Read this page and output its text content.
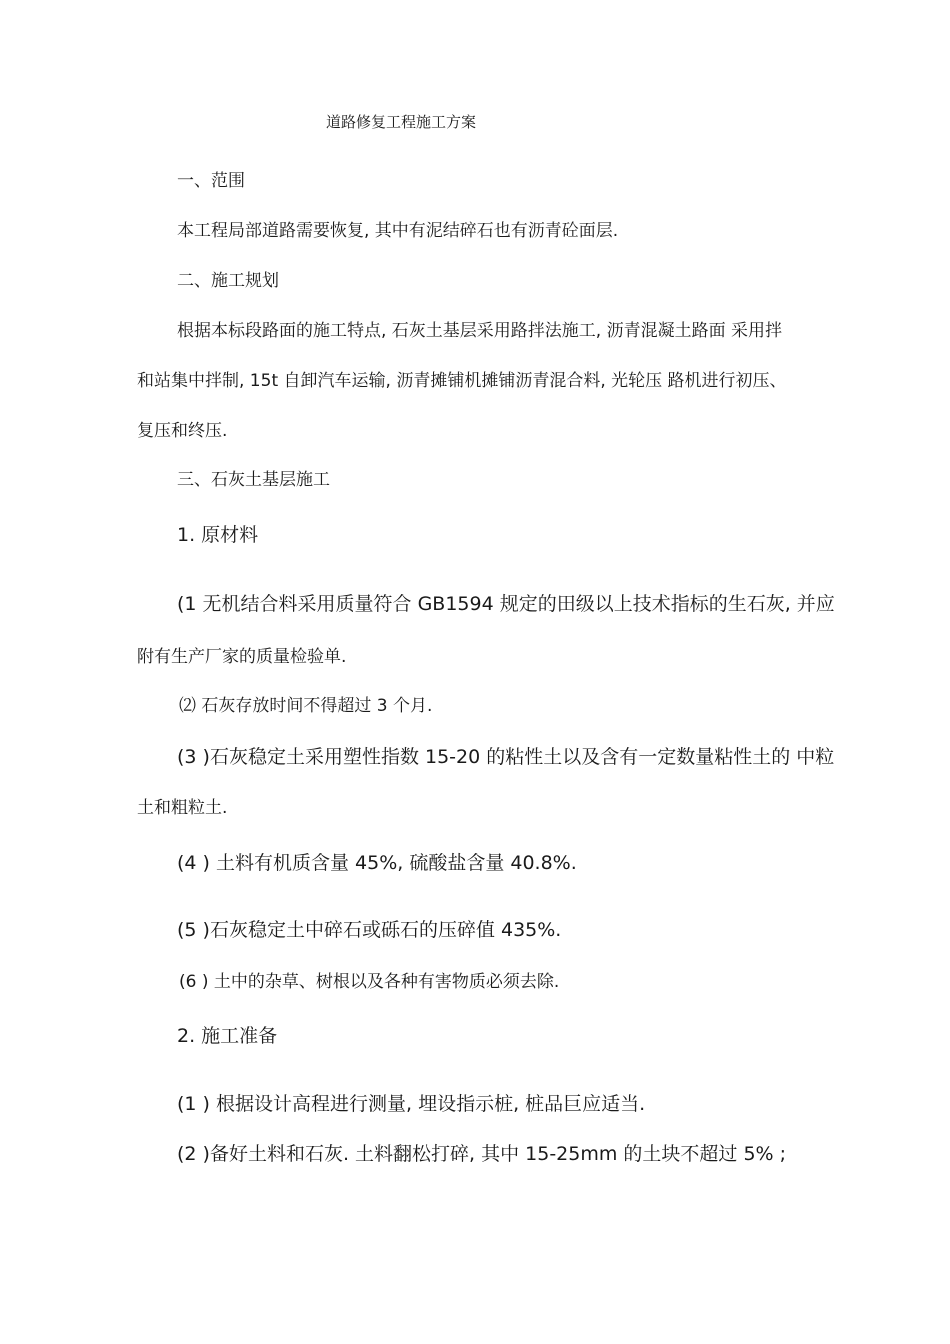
道路修复工程施工方案
一、范围
本工程局部道路需要恢复, 其中有泥结碎石也有沥青砼面层.
二、施工规划
根据本标段路面的施工特点, 石灰土基层采用路拌法施工, 沥青混凝土路面 采用拌
和站集中拌制, 15t 自卸汽车运输, 沥青摊铺机摊铺沥青混合料, 光轮压 路机进行初压、
复压和终压.
三、石灰土基层施工
1. 原材料
(1 无机结合料采用质量符合 GB1594 规定的田级以上技术指标的生石灰, 并应
附有生产厂家的质量检验单.
⑵ 石灰存放时间不得超过 3 个月.
(3 )石灰稳定土采用塑性指数 15-20 的粘性土以及含有一定数量粘性土的 中粒
土和粗粒土.
(4 ) 土料有机质含量 45%, 硫酸盐含量 40.8%.
(5 )石灰稳定土中碎石或砾石的压碎值 435%.
(6 ) 土中的杂草、树根以及各种有害物质必须去除.
2. 施工准备
(1 ) 根据设计高程进行测量, 埋设指示桩, 桩品巨应适当.
(2 )备好土料和石灰. 土料翻松打碎, 其中 15-25mm 的土块不超过 5% ;
